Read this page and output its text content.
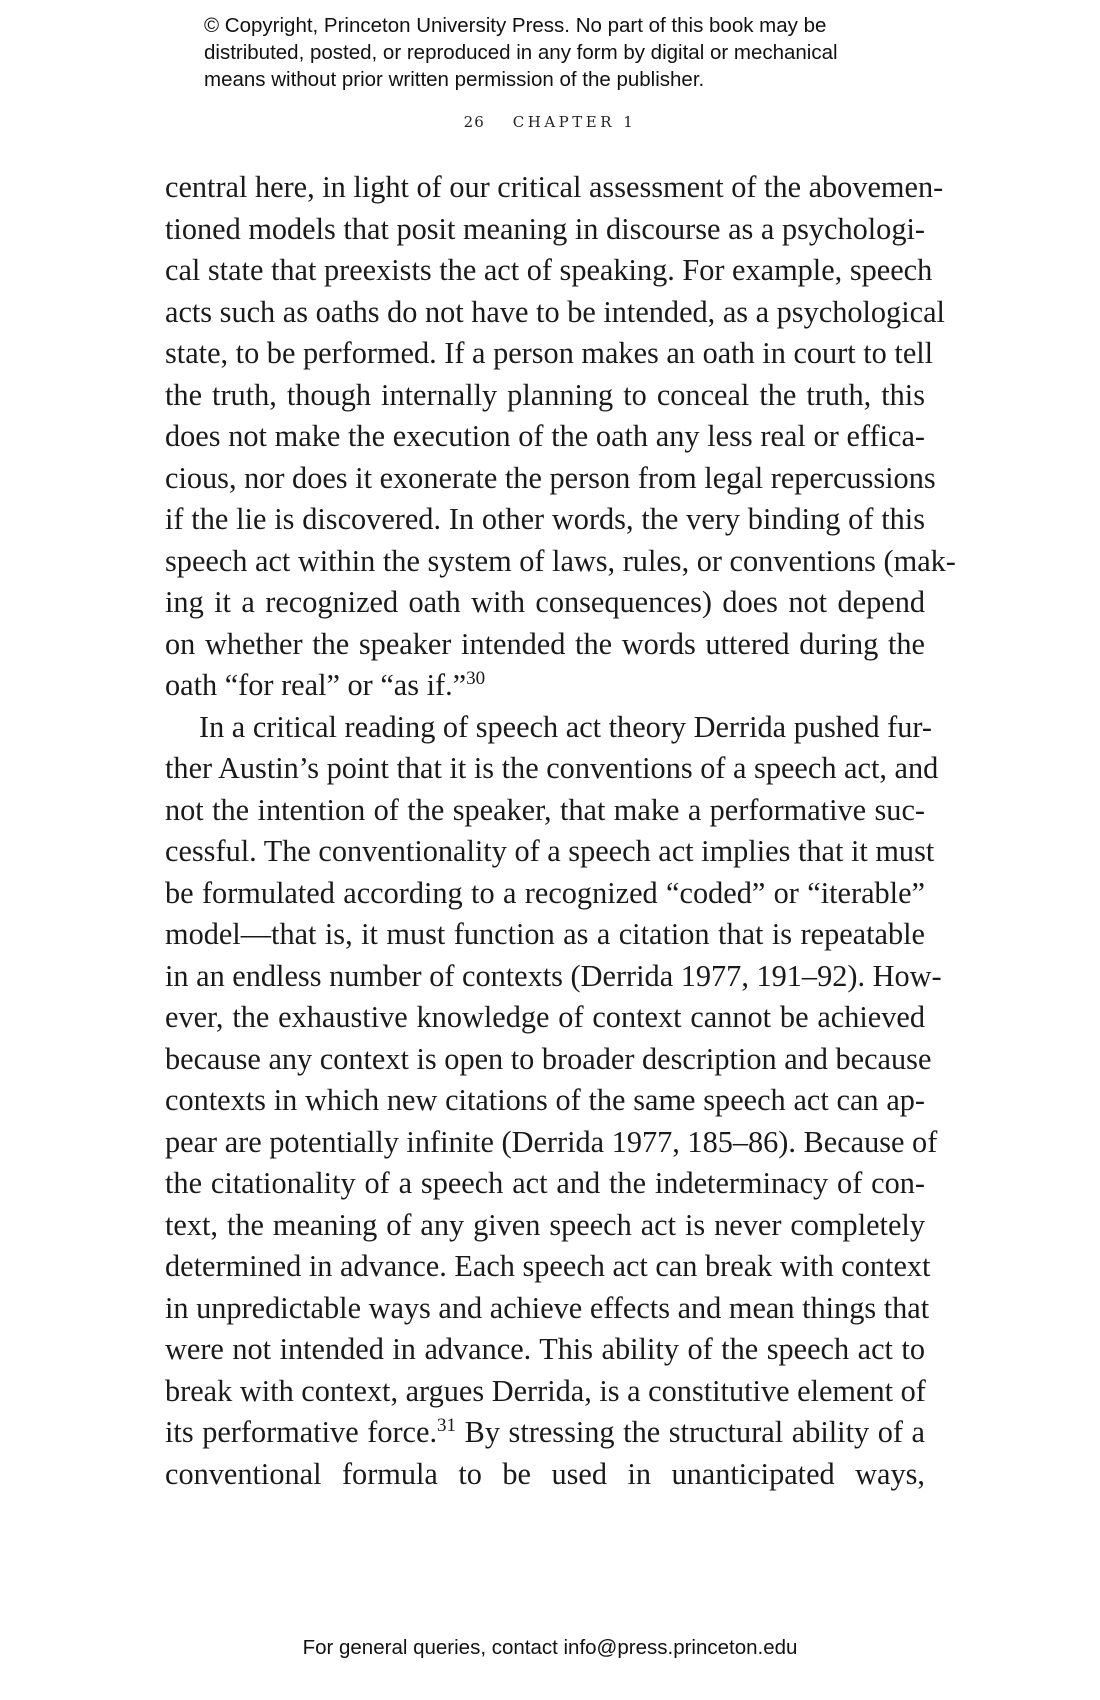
© Copyright, Princeton University Press. No part of this book may be
distributed, posted, or reproduced in any form by digital or mechanical
means without prior written permission of the publisher.
26 CHAPTER 1
central here, in light of our critical assessment of the abovemen-
tioned models that posit meaning in discourse as a psychologi-
cal state that preexists the act of speaking. For example, speech
acts such as oaths do not have to be intended, as a psychological
state, to be performed. If a person makes an oath in court to tell
the truth, though internally planning to conceal the truth, this
does not make the execution of the oath any less real or effica-
cious, nor does it exonerate the person from legal repercussions
if the lie is discovered. In other words, the very binding of this
speech act within the system of laws, rules, or conventions (mak-
ing it a recognized oath with consequences) does not depend
on whether the speaker intended the words uttered during the
oath “for real” or “as if.”$^{30}$
In a critical reading of speech act theory Derrida pushed fur-
ther Austin’s point that it is the conventions of a speech act, and
not the intention of the speaker, that make a performative suc-
cessful. The conventionality of a speech act implies that it must
be formulated according to a recognized “coded” or “iterable”
model—that is, it must function as a citation that is repeatable
in an endless number of contexts (Derrida 1977, 191–92). How-
ever, the exhaustive knowledge of context cannot be achieved
because any context is open to broader description and because
contexts in which new citations of the same speech act can ap-
pear are potentially infinite (Derrida 1977, 185–86). Because of
the citationality of a speech act and the indeterminacy of con-
text, the meaning of any given speech act is never completely
determined in advance. Each speech act can break with context
in unpredictable ways and achieve effects and mean things that
were not intended in advance. This ability of the speech act to
break with context, argues Derrida, is a constitutive element of
its performative force.$^{31}$ By stressing the structural ability of a
conventional formula to be used in unanticipated ways,
For general queries, contact info@press.princeton.edu
